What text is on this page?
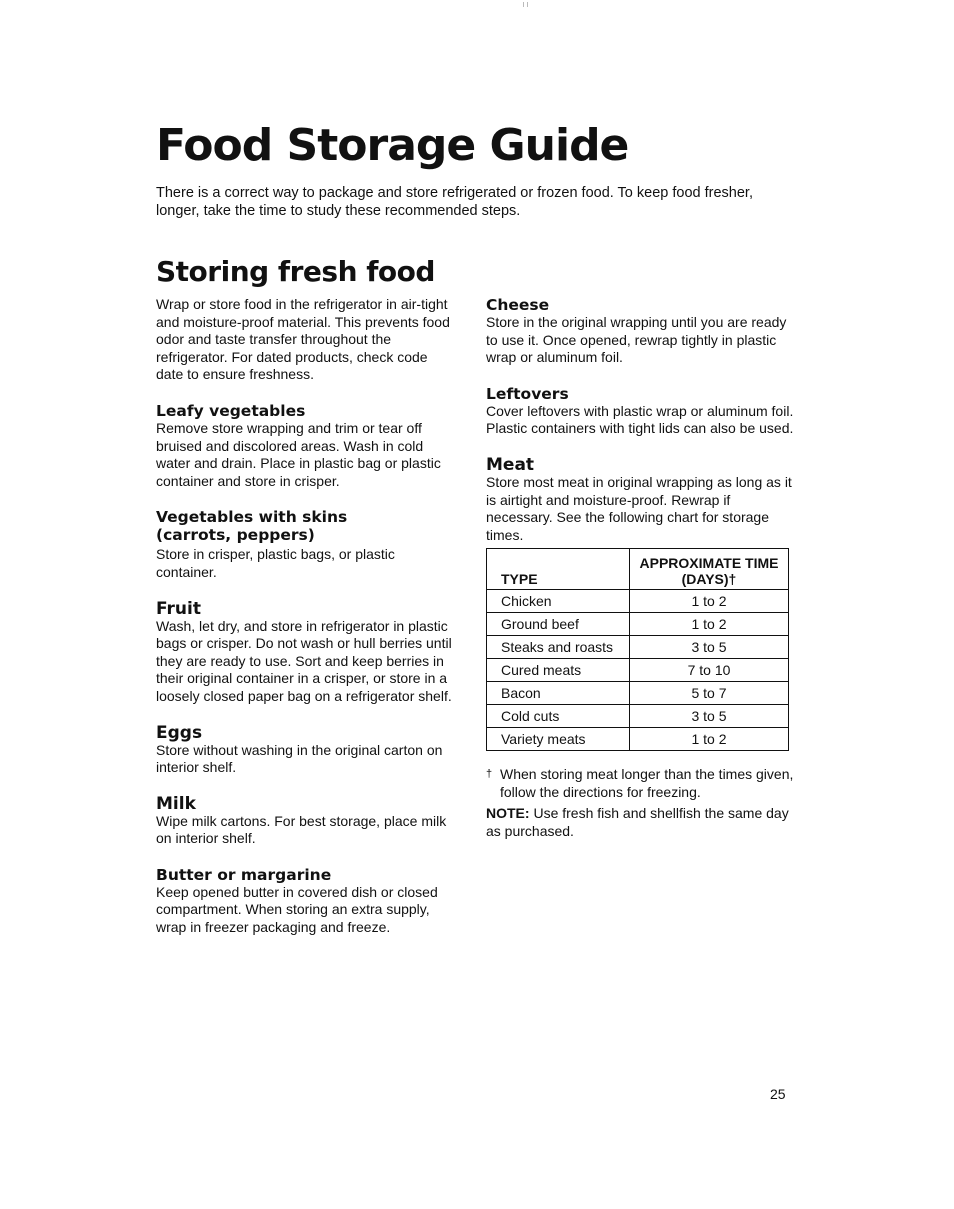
Food Storage Guide

There is a correct way to package and store refrigerated or frozen food. To keep food fresher, longer, take the time to study these recommended steps.

Storing fresh food

Wrap or store food in the refrigerator in air-tight and moisture-proof material. This prevents food odor and taste transfer throughout the refrigerator. For dated products, check code date to ensure freshness.

Leafy vegetables

Remove store wrapping and trim or tear off bruised and discolored areas. Wash in cold water and drain. Place in plastic bag or plastic container and store in crisper.

Vegetables with skins (carrots, peppers)

Store in crisper, plastic bags, or plastic container.

Fruit

Wash, let dry, and store in refrigerator in plastic bags or crisper. Do not wash or hull berries until they are ready to use. Sort and keep berries in their original container in a crisper, or store in a loosely closed paper bag on a refrigerator shelf.

Eggs

Store without washing in the original carton on interior shelf.

Milk

Wipe milk cartons. For best storage, place milk on interior shelf.

Butter or margarine

Keep opened butter in covered dish or closed compartment. When storing an extra supply, wrap in freezer packaging and freeze.

Cheese

Store in the original wrapping until you are ready to use it. Once opened, rewrap tightly in plastic wrap or aluminum foil.

Leftovers

Cover leftovers with plastic wrap or aluminum foil. Plastic containers with tight lids can also be used.

Meat

Store most meat in original wrapping as long as it is airtight and moisture-proof. Rewrap if necessary. See the following chart for storage times.

TYPE	APPROXIMATE TIME
(DAYS)†

Chicken	1 to 2
Ground beef	1 to 2
Steaks and roasts	3 to 5
Cured meats	7 to 10
Bacon	5 to 7
Cold cuts	3 to 5
Variety meats	1 to 2
† When storing meat longer than the times given, follow the directions for freezing.

NOTE: Use fresh fish and shellfish the same day as purchased.

25
